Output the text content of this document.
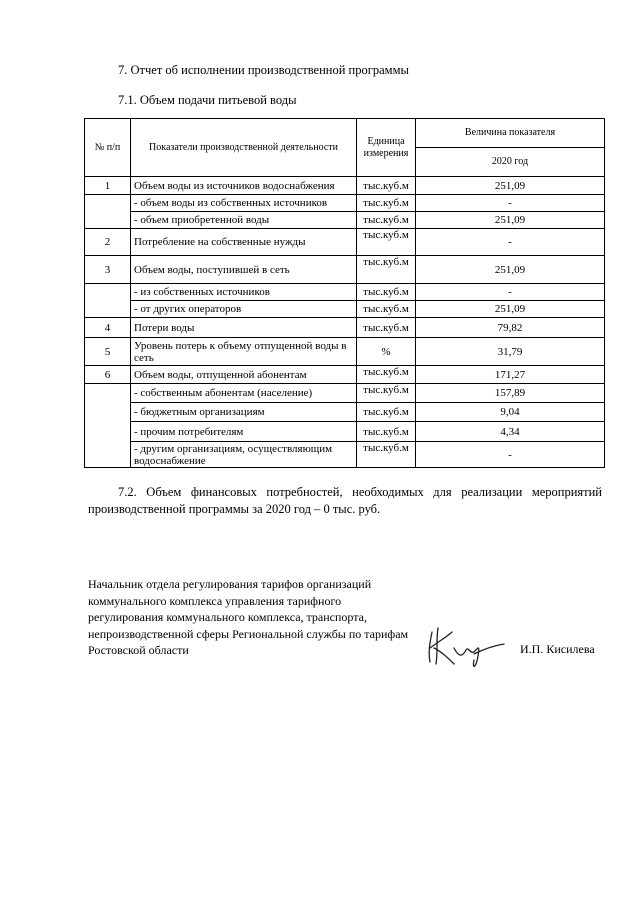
7. Отчет об исполнении производственной программы
7.1. Объем подачи питьевой воды
№ п/п	Показатели производственной деятельности	Единица измерения	Величина показателя
			2020 год
1	Объем воды из источников водоснабжения	тыс.куб.м	251,09
	- объем воды из собственных источников	тыс.куб.м	-
	- объем приобретенной воды	тыс.куб.м	251,09
2	Потребление на собственные нужды	тыс.куб.м	-
3	Объем воды, поступившей в сеть	тыс.куб.м	251,09
	- из собственных источников	тыс.куб.м	-
	- от других операторов	тыс.куб.м	251,09
4	Потери воды	тыс.куб.м	79,82
5	Уровень потерь к объему отпущенной воды в сеть	%	31,79
6	Объем воды, отпущенной абонентам	тыс.куб.м	171,27
	- собственным абонентам (население)	тыс.куб.м	157,89
	- бюджетным организациям	тыс.куб.м	9,04
	- прочим потребителям	тыс.куб.м	4,34
	- другим организациям, осуществляющим водоснабжение	тыс.куб.м	-
7.2. Объем финансовых потребностей, необходимых для реализации мероприятий производственной программы за 2020 год – 0 тыс. руб.
Начальник отдела регулирования тарифов организаций коммунального комплекса управления тарифного регулирования коммунального комплекса, транспорта, непроизводственной сферы Региональной службы по тарифам Ростовской области	И.П. Кисилева
